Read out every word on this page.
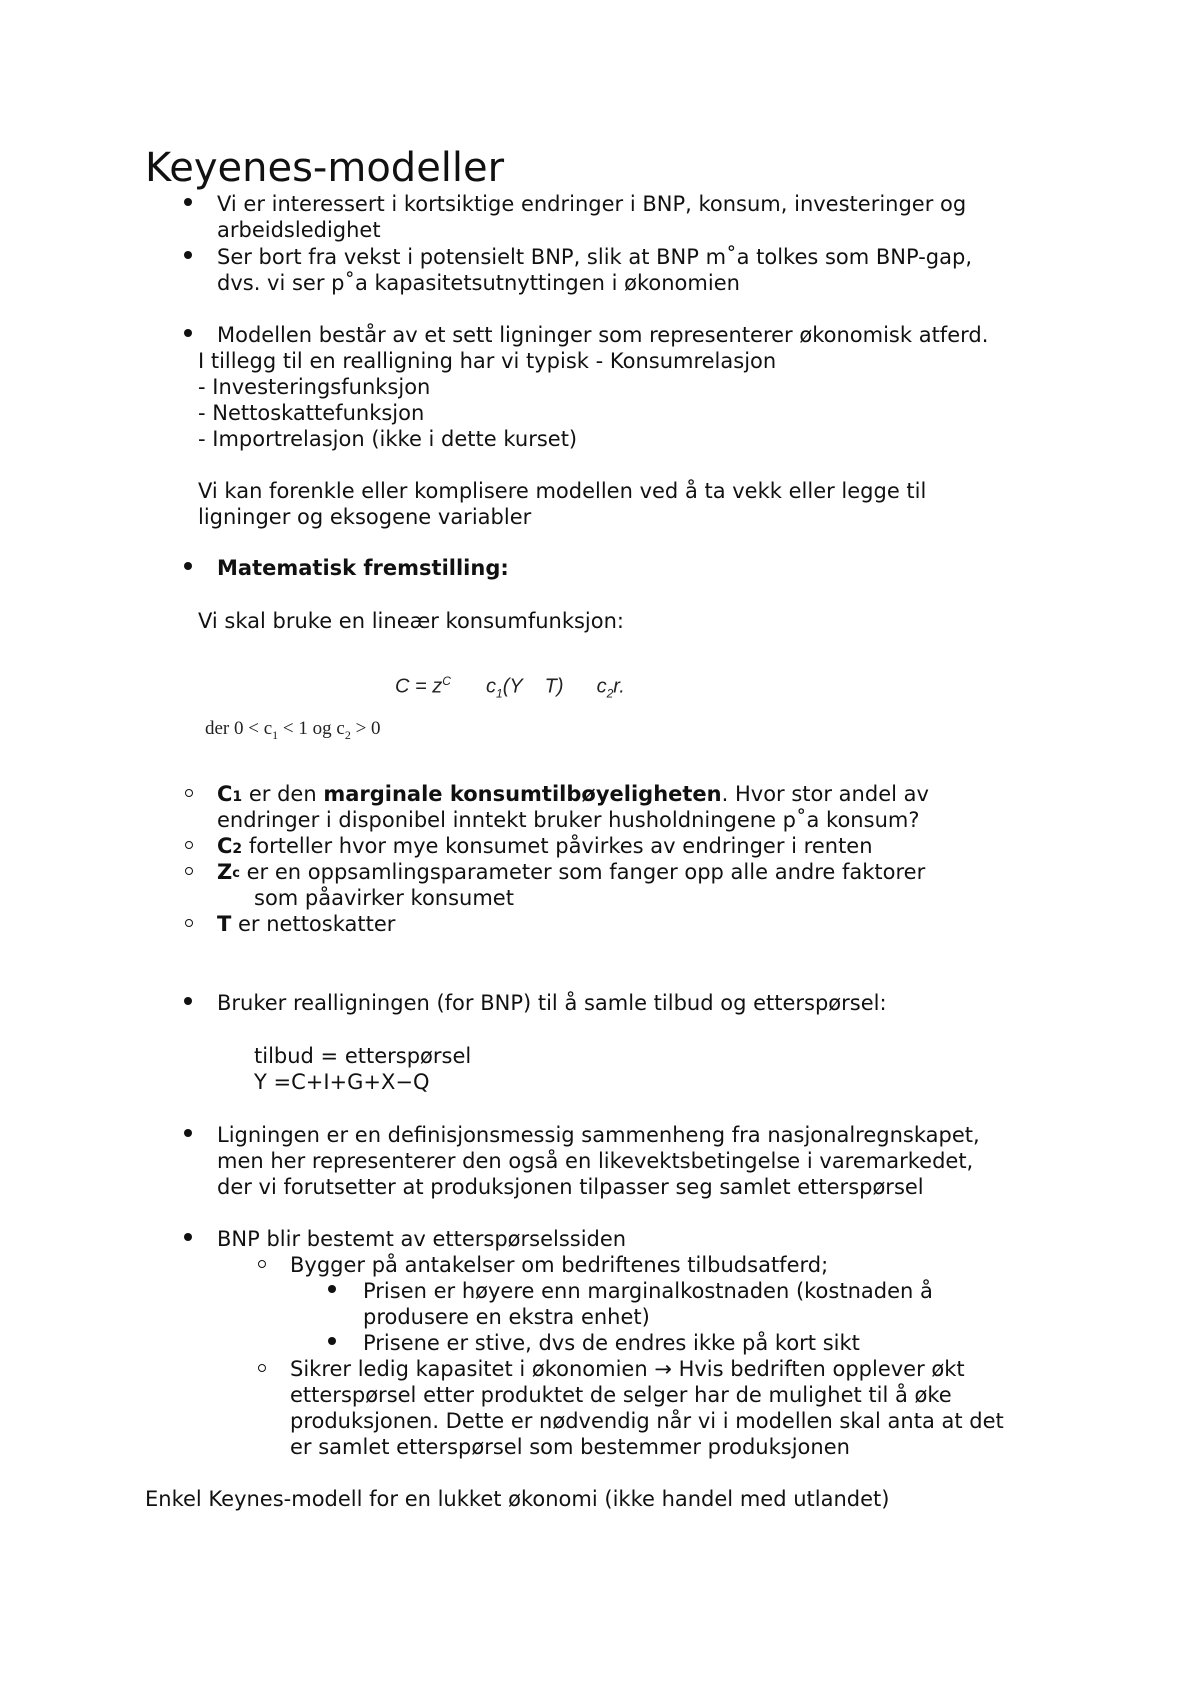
Keyenes-modeller
Vi er interessert i kortsiktige endringer i BNP, konsum, investeringer og
arbeidsledighet
Ser bort fra vekst i potensielt BNP, slik at BNP m˚a tolkes som BNP-gap,
dvs. vi ser p˚a kapasitetsutnyttingen i økonomien
Modellen består av et sett ligninger som representerer økonomisk atferd.
I tillegg til en realligning har vi typisk - Konsumrelasjon
- Investeringsfunksjon
- Nettoskattefunksjon
- Importrelasjon (ikke i dette kurset)
Vi kan forenkle eller komplisere modellen ved å ta vekk eller legge til
ligninger og eksogene variabler
Matematisk fremstilling:
Vi skal bruke en lineær konsumfunksjon:
$C = z^C$ $c_1(Y$    T) $c_2r$.
der $0 < c_1 < 1$ og $c_2 > 0$
C1 er den marginale konsumtilbøyeligheten. Hvor stor andel av
endringer i disponibel inntekt bruker husholdningene p˚a konsum?
C2 forteller hvor mye konsumet påvirkes av endringer i renten
Zc er en oppsamlingsparameter som fanger opp alle andre faktorer
som påavirker konsumet
T er nettoskatter
Bruker realligningen (for BNP) til å samle tilbud og etterspørsel:
tilbud = etterspørsel
Y =C+I+G+X−Q
Ligningen er en definisjonsmessig sammenheng fra nasjonalregnskapet,
men her representerer den også en likevektsbetingelse i varemarkedet,
der vi forutsetter at produksjonen tilpasser seg samlet etterspørsel
BNP blir bestemt av etterspørselssiden
Bygger på antakelser om bedriftenes tilbudsatferd;
Prisen er høyere enn marginalkostnaden (kostnaden å
produsere en ekstra enhet)
Prisene er stive, dvs de endres ikke på kort sikt
Sikrer ledig kapasitet i økonomien → Hvis bedriften opplever økt
etterspørsel etter produktet de selger har de mulighet til å øke
produksjonen. Dette er nødvendig når vi i modellen skal anta at det
er samlet etterspørsel som bestemmer produksjonen
Enkel Keynes-modell for en lukket økonomi (ikke handel med utlandet)
